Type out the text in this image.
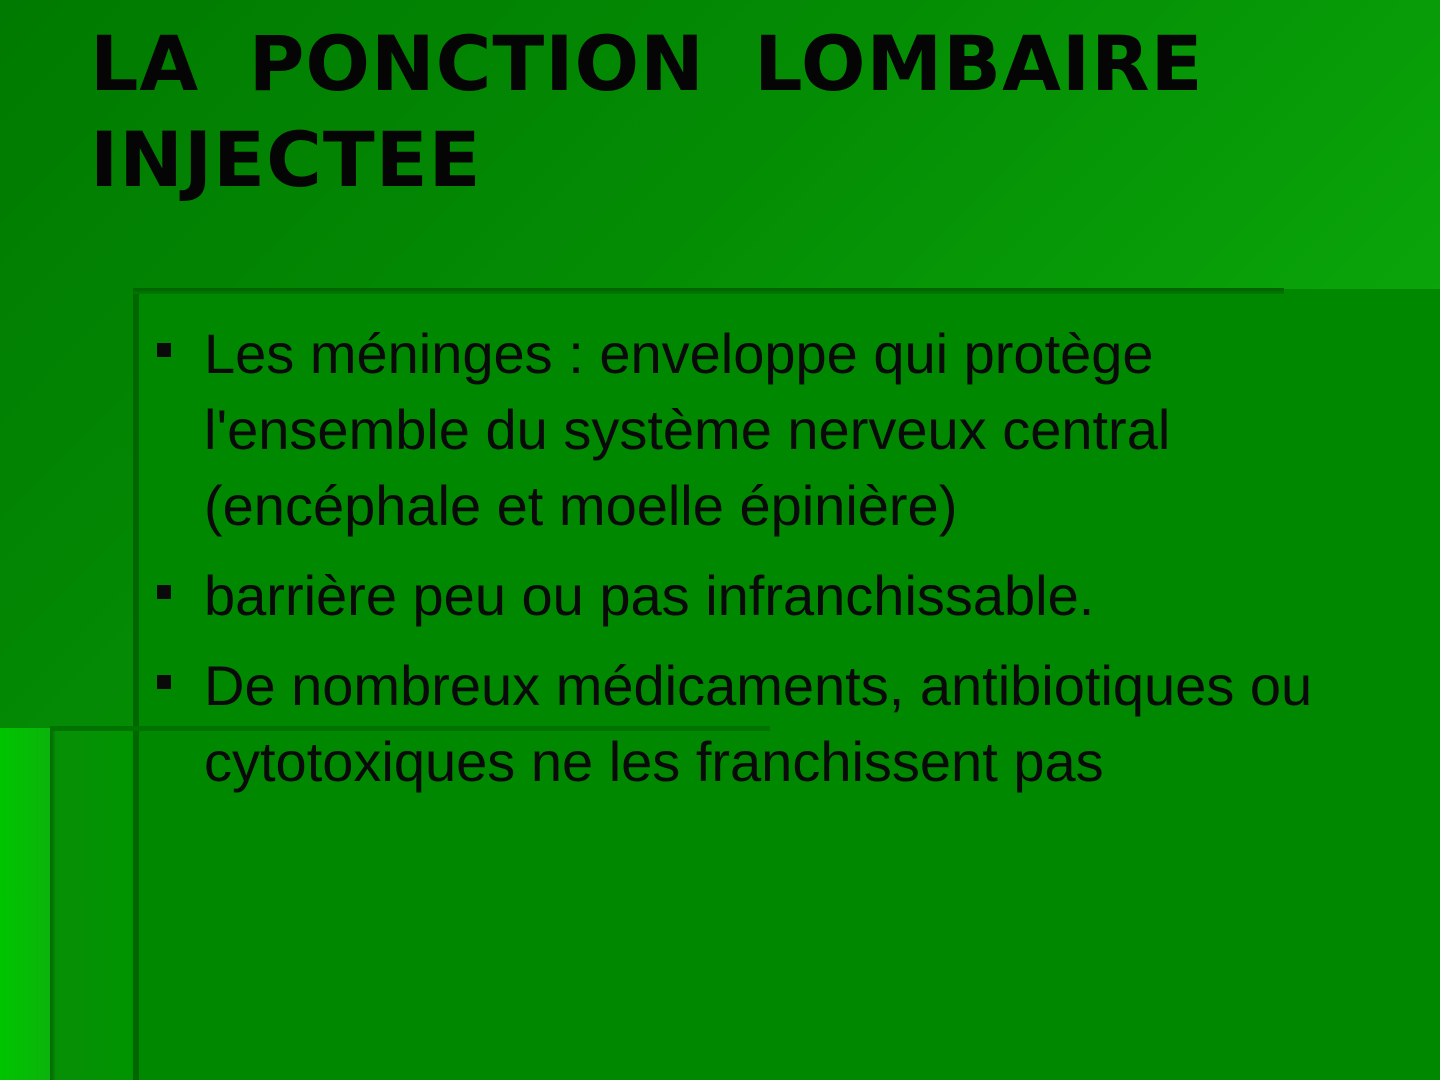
LA PONCTION LOMBAIRE INJECTEE
Les méninges : enveloppe qui protège l'ensemble du système nerveux central (encéphale et moelle épinière)
barrière peu ou pas infranchissable.
De nombreux médicaments, antibiotiques ou cytotoxiques ne les franchissent pas
